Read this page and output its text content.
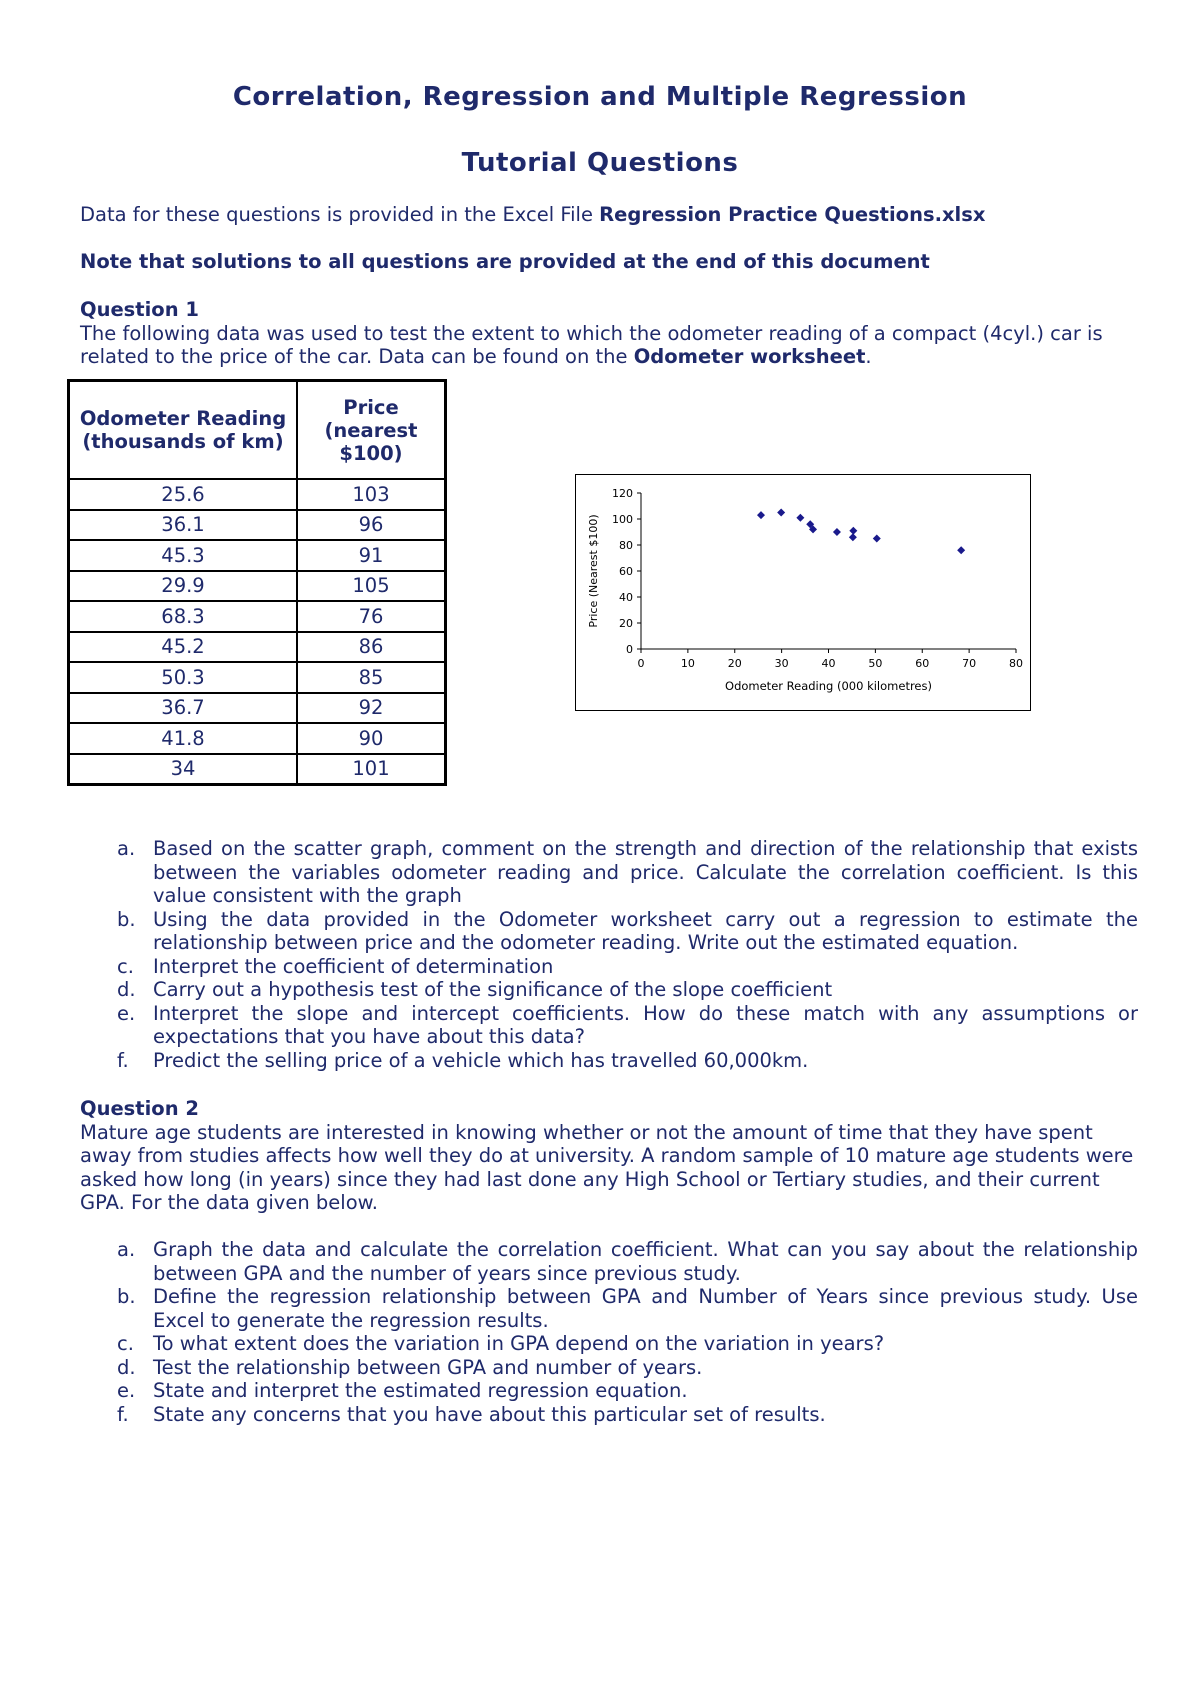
Correlation, Regression and Multiple Regression
Tutorial Questions
Data for these questions is provided in the Excel File Regression Practice Questions.xlsx
Note that solutions to all questions are provided at the end of this document
Question 1
The following data was used to test the extent to which the odometer reading of a compact (4cyl.) car is related to the price of the car. Data can be found on the Odometer worksheet.
Odometer Reading (thousands of km)	Price (nearest $100)
25.6	103
36.1	96
45.3	91
29.9	105
68.3	76
45.2	86
50.3	85
36.7	92
41.8	90
34	101
0	10	20	30	40	50	60	70	80
0
20
40
60
80
100
120
Odometer Reading (000 kilometres)
Price (Nearest $100)
a. Based on the scatter graph, comment on the strength and direction of the relationship that exists between the variables odometer reading and price. Calculate the correlation coefficient. Is this value consistent with the graph
b. Using the data provided in the Odometer worksheet carry out a regression to estimate the relationship between price and the odometer reading. Write out the estimated equation.
c. Interpret the coefficient of determination
d. Carry out a hypothesis test of the significance of the slope coefficient
e. Interpret the slope and intercept coefficients. How do these match with any assumptions or expectations that you have about this data?
f. Predict the selling price of a vehicle which has travelled 60,000km.
Question 2
Mature age students are interested in knowing whether or not the amount of time that they have spent away from studies affects how well they do at university. A random sample of 10 mature age students were asked how long (in years) since they had last done any High School or Tertiary studies, and their current GPA. For the data given below.
a. Graph the data and calculate the correlation coefficient. What can you say about the relationship between GPA and the number of years since previous study.
b. Define the regression relationship between GPA and Number of Years since previous study. Use Excel to generate the regression results.
c. To what extent does the variation in GPA depend on the variation in years?
d. Test the relationship between GPA and number of years.
e. State and interpret the estimated regression equation.
f. State any concerns that you have about this particular set of results.
